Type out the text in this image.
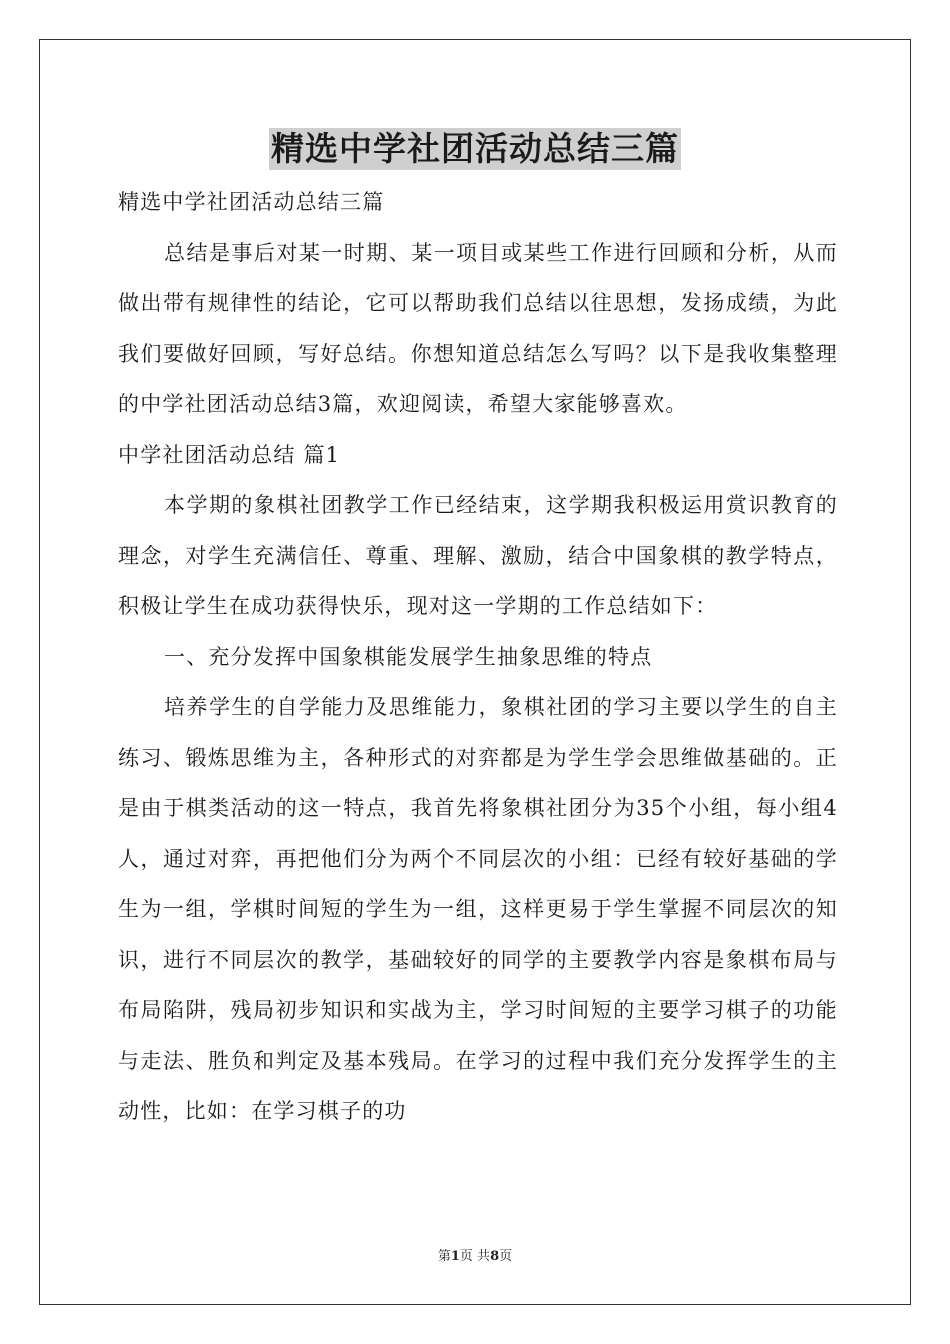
精选中学社团活动总结三篇

精选中学社团活动总结三篇

总结是事后对某一时期、某一项目或某些工作进行回顾和分析，从而做出带有规律性的结论，它可以帮助我们总结以往思想，发扬成绩，为此我们要做好回顾，写好总结。你想知道总结怎么写吗？以下是我收集整理的中学社团活动总结3篇，欢迎阅读，希望大家能够喜欢。

中学社团活动总结 篇1

本学期的象棋社团教学工作已经结束，这学期我积极运用赏识教育的理念，对学生充满信任、尊重、理解、激励，结合中国象棋的教学特点，积极让学生在成功获得快乐，现对这一学期的工作总结如下：

一、充分发挥中国象棋能发展学生抽象思维的特点

培养学生的自学能力及思维能力，象棋社团的学习主要以学生的自主练习、锻炼思维为主，各种形式的对弈都是为学生学会思维做基础的。正是由于棋类活动的这一特点，我首先将象棋社团分为35个小组，每小组4人，通过对弈，再把他们分为两个不同层次的小组：已经有较好基础的学生为一组，学棋时间短的学生为一组，这样更易于学生掌握不同层次的知识，进行不同层次的教学，基础较好的同学的主要教学内容是象棋布局与布局陷阱，残局初步知识和实战为主，学习时间短的主要学习棋子的功能与走法、胜负和判定及基本残局。在学习的过程中我们充分发挥学生的主动性，比如：在学习棋子的功

第1页 共8页
